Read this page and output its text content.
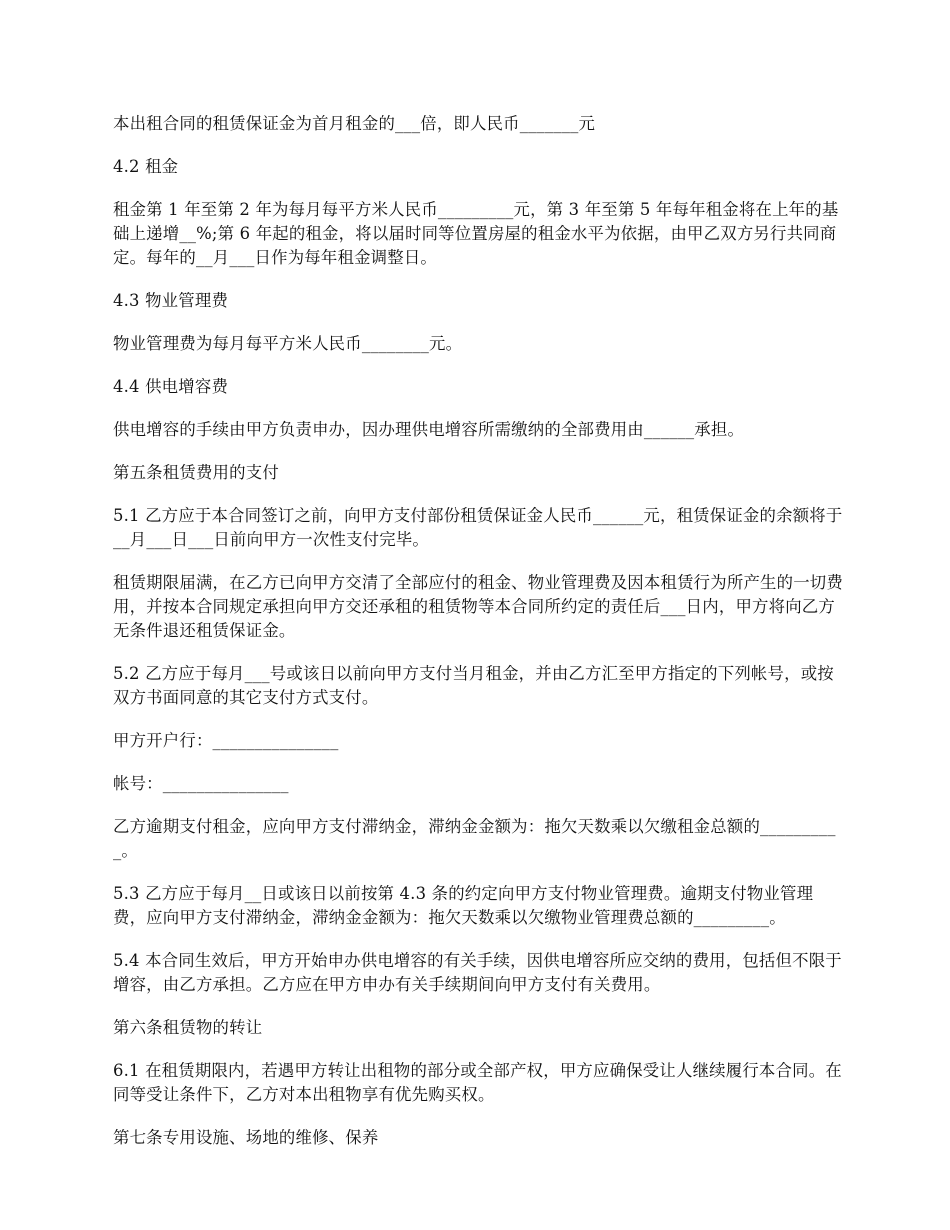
本出租合同的租赁保证金为首月租金的___倍，即人民币_______元

4.2 租金

租金第 1 年至第 2 年为每月每平方米人民币_________元，第 3 年至第 5 年每年租金将在上年的基础上递增__%;第 6 年起的租金，将以届时同等位置房屋的租金水平为依据，由甲乙双方另行共同商定。每年的__月___日作为每年租金调整日。

4.3 物业管理费

物业管理费为每月每平方米人民币________元。

4.4 供电增容费

供电增容的手续由甲方负责申办，因办理供电增容所需缴纳的全部费用由______承担。

第五条租赁费用的支付

5.1 乙方应于本合同签订之前，向甲方支付部份租赁保证金人民币______元，租赁保证金的余额将于__月___日___日前向甲方一次性支付完毕。

租赁期限届满，在乙方已向甲方交清了全部应付的租金、物业管理费及因本租赁行为所产生的一切费用，并按本合同规定承担向甲方交还承租的租赁物等本合同所约定的责任后___日内，甲方将向乙方无条件退还租赁保证金。

5.2 乙方应于每月___号或该日以前向甲方支付当月租金，并由乙方汇至甲方指定的下列帐号，或按双方书面同意的其它支付方式支付。

甲方开户行：_______________

帐号：_______________

乙方逾期支付租金，应向甲方支付滞纳金，滞纳金金额为：拖欠天数乘以欠缴租金总额的__________。

5.3 乙方应于每月__日或该日以前按第 4.3 条的约定向甲方支付物业管理费。逾期支付物业管理费，应向甲方支付滞纳金，滞纳金金额为：拖欠天数乘以欠缴物业管理费总额的_________。

5.4 本合同生效后，甲方开始申办供电增容的有关手续，因供电增容所应交纳的费用，包括但不限于增容，由乙方承担。乙方应在甲方申办有关手续期间向甲方支付有关费用。

第六条租赁物的转让

6.1 在租赁期限内，若遇甲方转让出租物的部分或全部产权，甲方应确保受让人继续履行本合同。在同等受让条件下，乙方对本出租物享有优先购买权。

第七条专用设施、场地的维修、保养
